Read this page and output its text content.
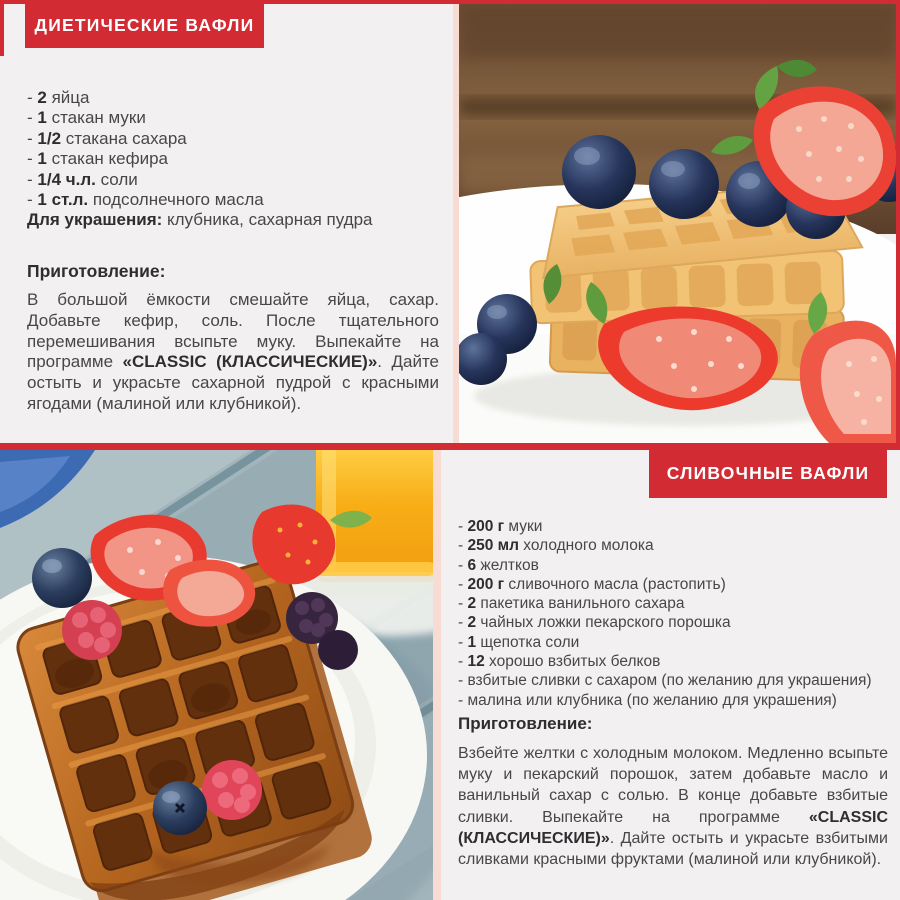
ДИЕТИЧЕСКИЕ ВАФЛИ
СЛИВОЧНЫЕ ВАФЛИ
- 2 яйца
- 1 стакан муки
- 1/2 стакана сахара
- 1 стакан кефира
- 1/4 ч.л. соли
- 1 ст.л. подсолнечного масла
Для украшения: клубника, сахарная пудра
Приготовление:

В большой ёмкости смешайте яйца, сахар. Добавьте кефир, соль. После тщательного перемешивания всыпьте муку. Выпекайте на программе «CLASSIC (КЛАССИЧЕСКИЕ)». Дайте остыть и украсьте сахарной пудрой с красными ягодами (малиной или клубникой).

- 200 г муки
- 250 мл холодного молока
- 6 желтков
- 200 г сливочного масла (растопить)
- 2 пакетика ванильного сахара
- 2 чайных ложки пекарского порошка
- 1 щепотка соли
- 12 хорошо взбитых белков
- взбитые сливки с сахаром (по желанию для украшения)
- малина или клубника (по желанию для украшения)
Приготовление:

Взбейте желтки с холодным молоком. Медленно всыпьте муку и пекарский порошок, затем добавьте масло и ванильный сахар с солью. В конце добавьте взбитые сливки. Выпекайте на программе «CLASSIC (КЛАССИЧЕСКИЕ)». Дайте остыть и украсьте взбитыми сливками красными фруктами (малиной или клубникой).
